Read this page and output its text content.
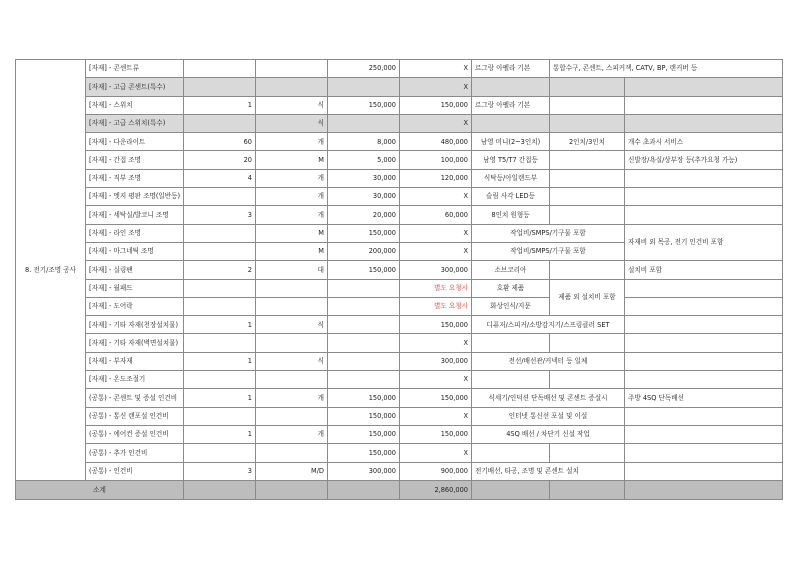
8. 전기/조명 공사	[자재] - 콘센트류			250,000	X	르그랑 아펠라 기본	통합수구, 콘센트, 스피커잭, CATV, BP, 랜커버 등	
	[자재] - 고급 콘센트(특수)				X			
	[자재] - 스위치	1	식	150,000	150,000	르그랑 아펠라 기본		
	[자재] - 고급 스위치(특수)		식		X			
	[자재] - 다운라이트	60	개	8,000	480,000	남영 미니(2~3인치)	2인치/3인치	개수 초과시 서비스
	[자재] - 간접 조명	20	M	5,000	100,000	남영 T5/T7 간접등		신발장/욕실/상부장 등(추가요청 가능)
	[자재] - 직부 조명	4	개	30,000	120,000	식탁등/아일랜드부		
	[자재] - 엣지 평판 조명(일반등)		개	30,000	X	슬림 사각 LED등		
	[자재] - 세탁실/발코니 조명	3	개	20,000	60,000	8인치 원형등		
	[자재] - 라인 조명		M	150,000	X	작업비/SMPS/기구물 포함		자재비 외 목공, 전기 인건비 포함
	[자재] - 마그네틱 조명		M	200,000	X	작업비/SMPS/기구물 포함		
	[자재] - 실링팬	2	대	150,000	300,000	소브코리아		설치비 포함
	[자재] - 월패드				별도 요청시	호환 제품	제품 외 설치비 포함	
	[자재] - 도어락				별도 요청시	화상인식/지문		
	[자재] - 기타 자재(천장설치물)	1	식		150,000	디퓨저/스피커/소방감지기/스프링클러 SET		
	[자재] - 기타 자재(벽면설치물)				X			
	[자재] - 부자재	1	식		300,000	전선/배선관/커넥터 등 일체		
	[자재] - 온도조절기				X			
	(공통) - 콘센트 및 증설 인건비	1	개	150,000	150,000	식세기/인덕션 단독배선 및 콘센트 증설시		주방 4SQ 단독배선
	(공통) - 통신 랜포설 인건비			150,000	X	인터넷 통신선 포설 및 이설		
	(공통) - 에어컨 증설 인건비	1	개	150,000	150,000	4SQ 배선 / 차단기 신설 작업		
	(공통) - 추가 인건비			150,000	X			
	(공통) - 인건비	3	M/D	300,000	900,000	전기배선, 타공, 조명 및 콘센트 설치		
소계					2,860,000			
